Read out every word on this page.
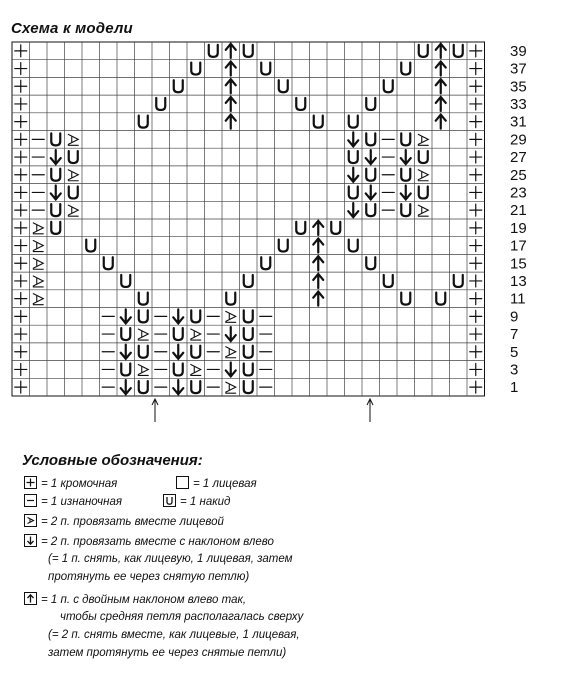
Схема к модели
39
37
35
33
31
29
27
25
23
21
19
17
15
13
11
9
7
5
3
1
Условные обозначения:
= 1 кромочная	= 1 лицевая
= 1 изнаночная	= 1 накид
= 2 п. провязать вместе лицевой
= 2 п. провязать вместе с наклоном влево
(= 1 п. снять, как лицевую, 1 лицевая, затем
протянуть ее через снятую петлю)
= 1 п. с двойным наклоном влево так,
чтобы средняя петля располагалась сверху
(= 2 п. снять вместе, как лицевые, 1 лицевая,
затем протянуть ее через снятые петли)
